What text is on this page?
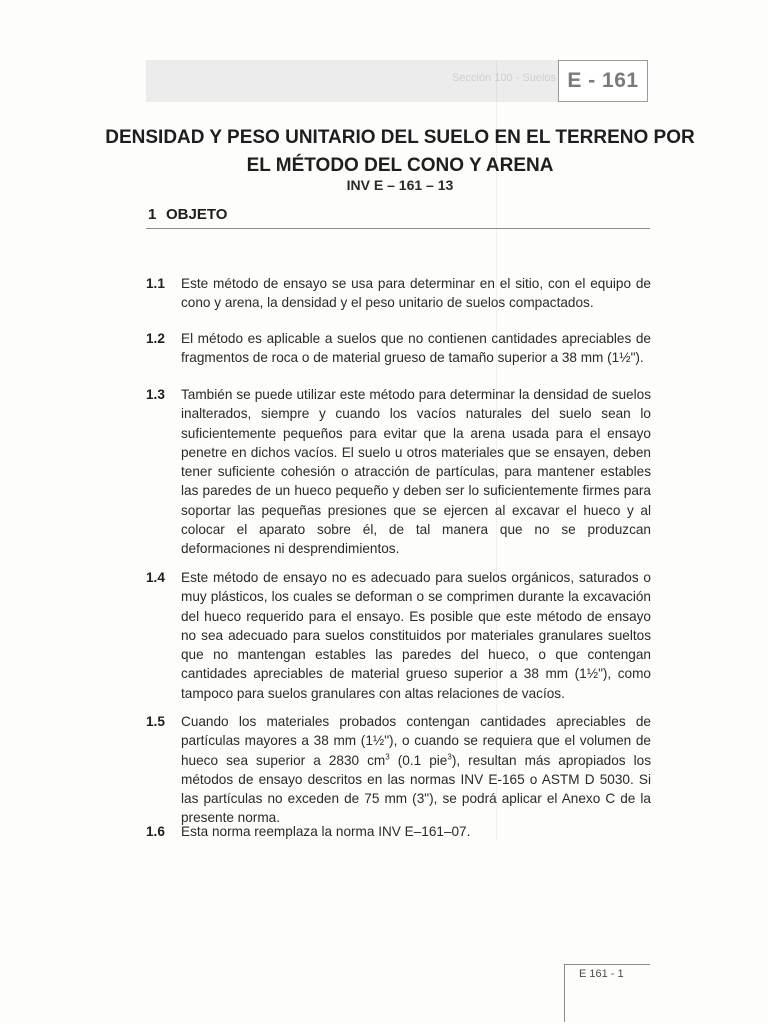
Sección 100 - Suelos E - 161
DENSIDAD Y PESO UNITARIO DEL SUELO EN EL TERRENO POR
EL MÉTODO DEL CONO Y ARENA
INV E – 161 – 13
1 OBJETO
1.1 Este método de ensayo se usa para determinar en el sitio, con el equipo de cono y arena, la densidad y el peso unitario de suelos compactados.
1.2 El método es aplicable a suelos que no contienen cantidades apreciables de fragmentos de roca o de material grueso de tamaño superior a 38 mm (1½").
1.3 También se puede utilizar este método para determinar la densidad de suelos inalterados, siempre y cuando los vacíos naturales del suelo sean lo suficientemente pequeños para evitar que la arena usada para el ensayo penetre en dichos vacíos. El suelo u otros materiales que se ensayen, deben tener suficiente cohesión o atracción de partículas, para mantener estables las paredes de un hueco pequeño y deben ser lo suficientemente firmes para soportar las pequeñas presiones que se ejercen al excavar el hueco y al colocar el aparato sobre él, de tal manera que no se produzcan deformaciones ni desprendimientos.
1.4 Este método de ensayo no es adecuado para suelos orgánicos, saturados o muy plásticos, los cuales se deforman o se comprimen durante la excavación del hueco requerido para el ensayo. Es posible que este método de ensayo no sea adecuado para suelos constituidos por materiales granulares sueltos que no mantengan estables las paredes del hueco, o que contengan cantidades apreciables de material grueso superior a 38 mm (1½"), como tampoco para suelos granulares con altas relaciones de vacíos.
1.5 Cuando los materiales probados contengan cantidades apreciables de partículas mayores a 38 mm (1½"), o cuando se requiera que el volumen de hueco sea superior a 2830 $cm^3$ (0.1 pie$^3$), resultan más apropiados los métodos de ensayo descritos en las normas INV E-165 o ASTM D 5030. Si las partículas no exceden de 75 mm (3"), se podrá aplicar el Anexo C de la presente norma.
1.6 Esta norma reemplaza la norma INV E–161–07.
E 161 - 1
